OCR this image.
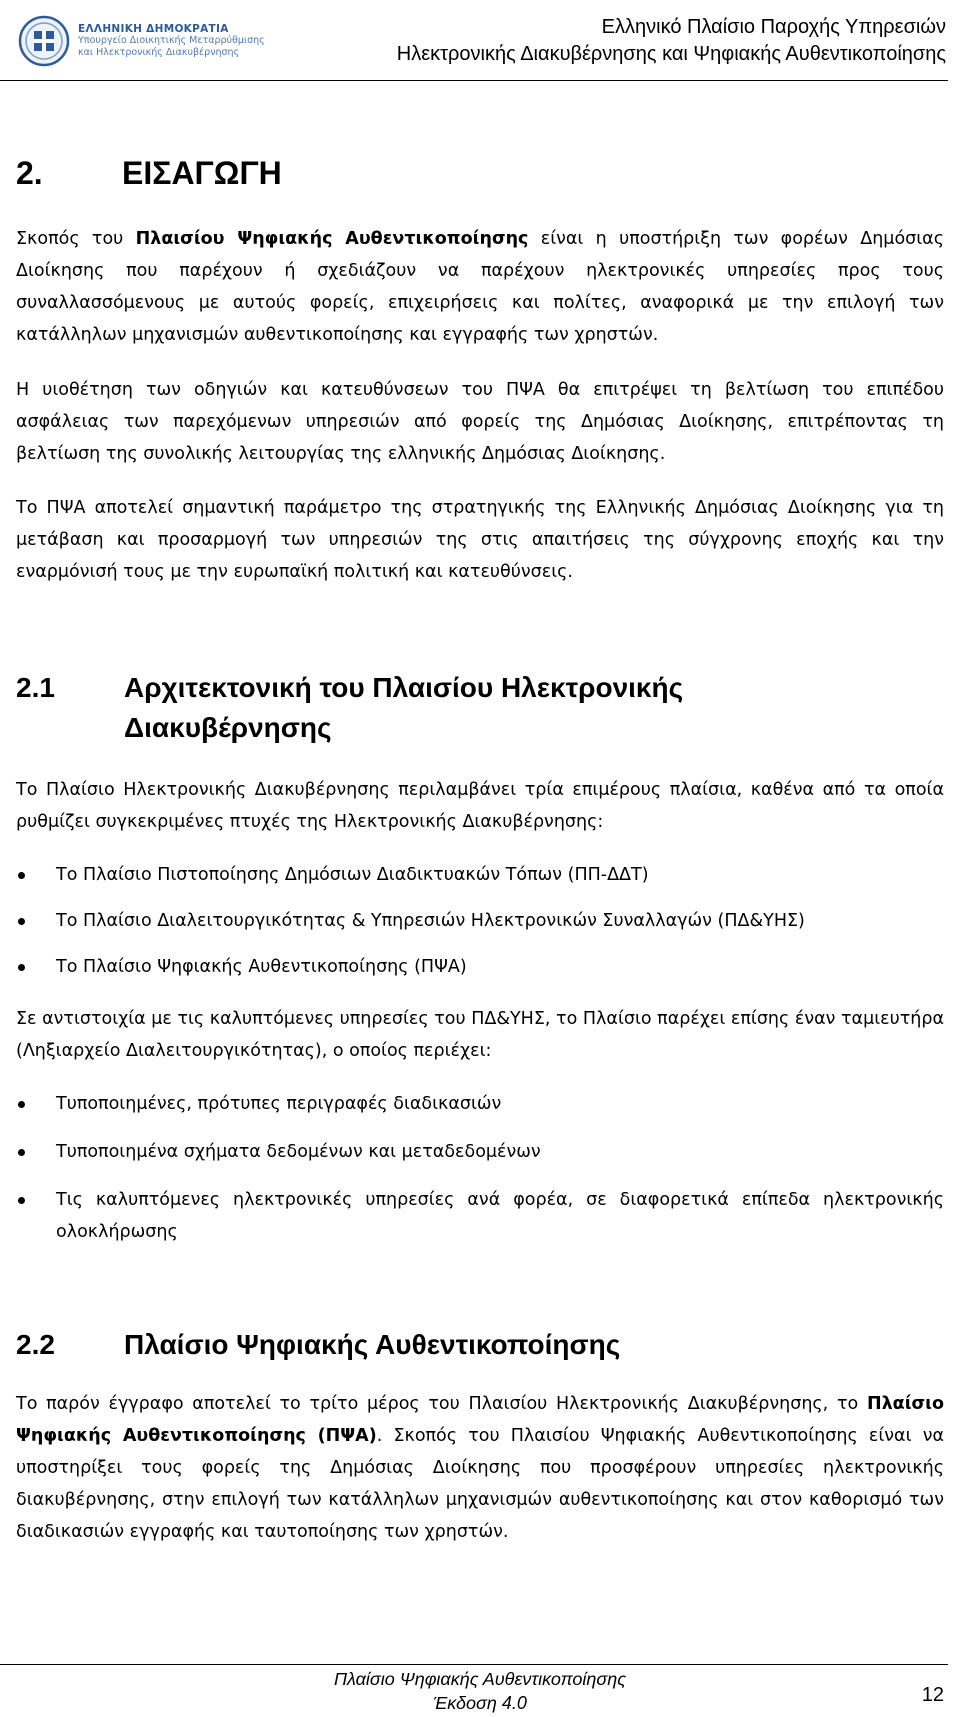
ΕΛΛΗΝΙΚΗ ΔΗΜΟΚΡΑΤΙΑ
Υπουργείο Διοικητικής Μεταρρύθμισης
και Ηλεκτρονικής Διακυβέρνησης
Ελληνικό Πλαίσιο Παροχής Υπηρεσιών
Ηλεκτρονικής Διακυβέρνησης και Ψηφιακής Αυθεντικοποίησης
2. ΕΙΣΑΓΩΓΗ
Σκοπός του Πλαισίου Ψηφιακής Αυθεντικοποίησης είναι η υποστήριξη των φορέων Δημόσιας Διοίκησης που παρέχουν ή σχεδιάζουν να παρέχουν ηλεκτρονικές υπηρεσίες προς τους συναλλασσόμενους με αυτούς φορείς, επιχειρήσεις και πολίτες, αναφορικά με την επιλογή των κατάλληλων μηχανισμών αυθεντικοποίησης και εγγραφής των χρηστών.
Η υιοθέτηση των οδηγιών και κατευθύνσεων του ΠΨΑ θα επιτρέψει τη βελτίωση του επιπέδου ασφάλειας των παρεχόμενων υπηρεσιών από φορείς της Δημόσιας Διοίκησης, επιτρέποντας τη βελτίωση της συνολικής λειτουργίας της ελληνικής Δημόσιας Διοίκησης.
Το ΠΨΑ αποτελεί σημαντική παράμετρο της στρατηγικής της Ελληνικής Δημόσιας Διοίκησης για τη μετάβαση και προσαρμογή των υπηρεσιών της στις απαιτήσεις της σύγχρονης εποχής και την εναρμόνισή τους με την ευρωπαϊκή πολιτική και κατευθύνσεις.
2.1 Αρχιτεκτονική του Πλαισίου Ηλεκτρονικής Διακυβέρνησης
Το Πλαίσιο Ηλεκτρονικής Διακυβέρνησης περιλαμβάνει τρία επιμέρους πλαίσια, καθένα από τα οποία ρυθμίζει συγκεκριμένες πτυχές της Ηλεκτρονικής Διακυβέρνησης:
Το Πλαίσιο Πιστοποίησης Δημόσιων Διαδικτυακών Τόπων (ΠΠ-ΔΔΤ)
Το Πλαίσιο Διαλειτουργικότητας & Υπηρεσιών Ηλεκτρονικών Συναλλαγών (ΠΔ&ΥΗΣ)
Το Πλαίσιο Ψηφιακής Αυθεντικοποίησης (ΠΨΑ)
Σε αντιστοιχία με τις καλυπτόμενες υπηρεσίες του ΠΔ&ΥΗΣ, το Πλαίσιο παρέχει επίσης έναν ταμιευτήρα (Ληξιαρχείο Διαλειτουργικότητας), ο οποίος περιέχει:
Τυποποιημένες, πρότυπες περιγραφές διαδικασιών
Τυποποιημένα σχήματα δεδομένων και μεταδεδομένων
Τις καλυπτόμενες ηλεκτρονικές υπηρεσίες ανά φορέα, σε διαφορετικά επίπεδα ηλεκτρονικής ολοκλήρωσης
2.2 Πλαίσιο Ψηφιακής Αυθεντικοποίησης
Το παρόν έγγραφο αποτελεί το τρίτο μέρος του Πλαισίου Ηλεκτρονικής Διακυβέρνησης, το Πλαίσιο Ψηφιακής Αυθεντικοποίησης (ΠΨΑ). Σκοπός του Πλαισίου Ψηφιακής Αυθεντικοποίησης είναι να υποστηρίξει τους φορείς της Δημόσιας Διοίκησης που προσφέρουν υπηρεσίες ηλεκτρονικής διακυβέρνησης, στην επιλογή των κατάλληλων μηχανισμών αυθεντικοποίησης και στον καθορισμό των διαδικασιών εγγραφής και ταυτοποίησης των χρηστών.
Πλαίσιο Ψηφιακής Αυθεντικοποίησης
Έκδοση 4.0	12
